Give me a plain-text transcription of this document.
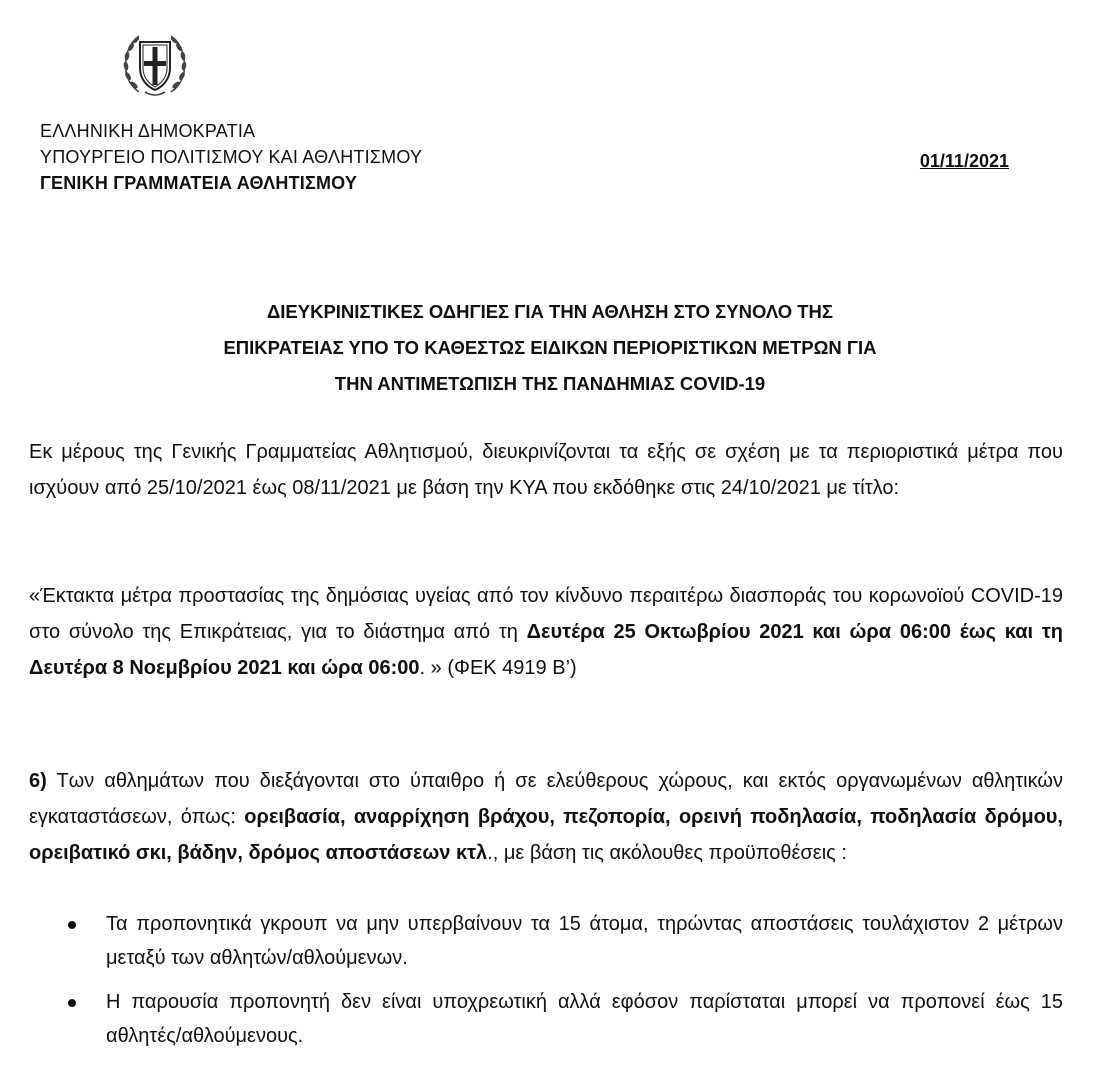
ΕΛΛΗΝΙΚΗ ΔΗΜΟΚΡΑΤΙΑ
ΥΠΟΥΡΓΕΙΟ ΠΟΛΙΤΙΣΜΟΥ ΚΑΙ ΑΘΛΗΤΙΣΜΟΥ
ΓΕΝΙΚΗ ΓΡΑΜΜΑΤΕΙΑ ΑΘΛΗΤΙΣΜΟΥ
01/11/2021
ΔΙΕΥΚΡΙΝΙΣΤΙΚΕΣ ΟΔΗΓΙΕΣ ΓΙΑ ΤΗΝ ΑΘΛΗΣΗ ΣΤΟ ΣΥΝΟΛΟ ΤΗΣ
ΕΠΙΚΡΑΤΕΙΑΣ ΥΠΟ ΤΟ ΚΑΘΕΣΤΩΣ ΕΙΔΙΚΩΝ ΠΕΡΙΟΡΙΣΤΙΚΩΝ ΜΕΤΡΩΝ ΓΙΑ
ΤΗΝ ΑΝΤΙΜΕΤΩΠΙΣΗ ΤΗΣ ΠΑΝΔΗΜΙΑΣ COVID-19
Εκ μέρους της Γενικής Γραμματείας Αθλητισμού, διευκρινίζονται τα εξής σε σχέση με τα περιοριστικά μέτρα που ισχύουν από 25/10/2021 έως 08/11/2021 με βάση την ΚΥΑ που εκδόθηκε στις 24/10/2021 με τίτλο:
«Έκτακτα μέτρα προστασίας της δημόσιας υγείας από τον κίνδυνο περαιτέρω διασποράς του κορωνοϊού COVID-19 στο σύνολο της Επικράτειας, για το διάστημα από τη Δευτέρα 25 Οκτωβρίου 2021 και ώρα 06:00 έως και τη Δευτέρα 8 Νοεμβρίου 2021 και ώρα 06:00. » (ΦΕΚ 4919 Β’)
6) Των αθλημάτων που διεξάγονται στο ύπαιθρο ή σε ελεύθερους χώρους, και εκτός οργανωμένων αθλητικών εγκαταστάσεων, όπως: ορειβασία, αναρρίχηση βράχου, πεζοπορία, ορεινή ποδηλασία, ποδηλασία δρόμου, ορειβατικό σκι, βάδην, δρόμος αποστάσεων κτλ., με βάση τις ακόλουθες προϋποθέσεις :
Τα προπονητικά γκρουπ να μην υπερβαίνουν τα 15 άτομα, τηρώντας αποστάσεις τουλάχιστον 2 μέτρων μεταξύ των αθλητών/αθλούμενων.
Η παρουσία προπονητή δεν είναι υποχρεωτική αλλά εφόσον παρίσταται μπορεί να προπονεί έως 15 αθλητές/αθλούμενους.
